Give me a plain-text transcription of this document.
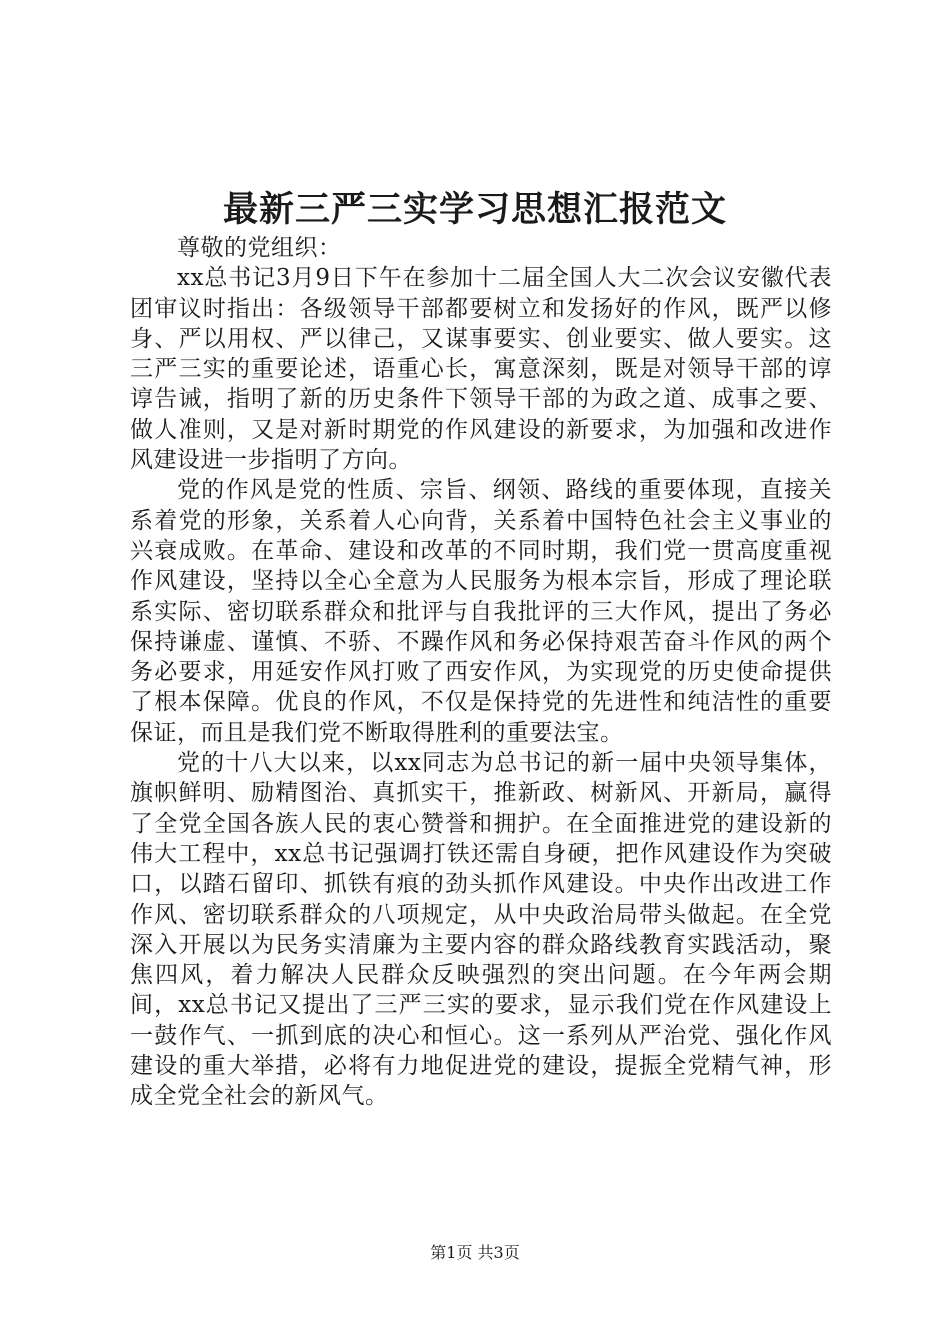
最新三严三实学习思想汇报范文

尊敬的党组织：

xx总书记3月9日下午在参加十二届全国人大二次会议安徽代表团审议时指出：各级领导干部都要树立和发扬好的作风，既严以修身、严以用权、严以律己，又谋事要实、创业要实、做人要实。这三严三实的重要论述，语重心长，寓意深刻，既是对领导干部的谆谆告诫，指明了新的历史条件下领导干部的为政之道、成事之要、做人准则，又是对新时期党的作风建设的新要求，为加强和改进作风建设进一步指明了方向。

党的作风是党的性质、宗旨、纲领、路线的重要体现，直接关系着党的形象，关系着人心向背，关系着中国特色社会主义事业的兴衰成败。在革命、建设和改革的不同时期，我们党一贯高度重视作风建设，坚持以全心全意为人民服务为根本宗旨，形成了理论联系实际、密切联系群众和批评与自我批评的三大作风，提出了务必保持谦虚、谨慎、不骄、不躁作风和务必保持艰苦奋斗作风的两个务必要求，用延安作风打败了西安作风，为实现党的历史使命提供了根本保障。优良的作风，不仅是保持党的先进性和纯洁性的重要保证，而且是我们党不断取得胜利的重要法宝。

党的十八大以来，以xx同志为总书记的新一届中央领导集体，旗帜鲜明、励精图治、真抓实干，推新政、树新风、开新局，赢得了全党全国各族人民的衷心赞誉和拥护。在全面推进党的建设新的伟大工程中，xx总书记强调打铁还需自身硬，把作风建设作为突破口，以踏石留印、抓铁有痕的劲头抓作风建设。中央作出改进工作作风、密切联系群众的八项规定，从中央政治局带头做起。在全党深入开展以为民务实清廉为主要内容的群众路线教育实践活动，聚焦四风，着力解决人民群众反映强烈的突出问题。在今年两会期间，xx总书记又提出了三严三实的要求，显示我们党在作风建设上一鼓作气、一抓到底的决心和恒心。这一系列从严治党、强化作风建设的重大举措，必将有力地促进党的建设，提振全党精气神，形成全党全社会的新风气。

第1页 共3页
